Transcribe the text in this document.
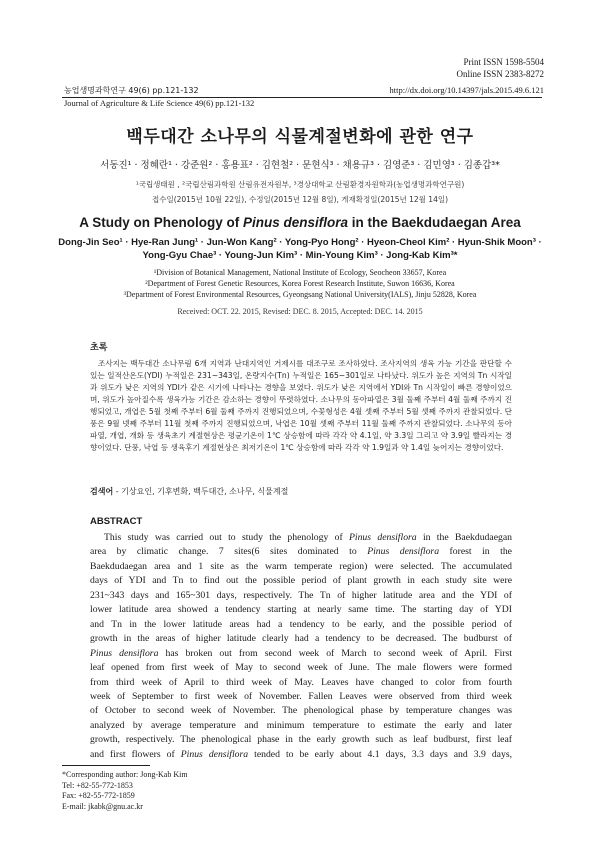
Print ISSN 1598-5504
Online ISSN 2383-8272
농업생명과학연구 49(6) pp.121-132	http://dx.doi.org/10.14397/jals.2015.49.6.121
Journal of Agriculture & Life Science 49(6) pp.121-132
백두대간 소나무의 식물계절변화에 관한 연구
서동진¹ · 정혜란¹ · 강준원² · 홍용표² · 김현철² · 문현식³ · 채용규³ · 김영준³ · 김민영³ · 김종갑³*
¹국립생태원 , ²국립산림과학원 산림유전자원부, ³경상대학교 산림환경자원학과(농업생명과학연구원)
접수일(2015년 10월 22일), 수정일(2015년 12월 8일), 게재확정일(2015년 12월 14일)
A Study on Phenology of Pinus densiflora in the Baekdudaegan Area
Dong-Jin Seo¹ · Hye-Ran Jung¹ · Jun-Won Kang² · Yong-Pyo Hong² · Hyeon-Cheol Kim² · Hyun-Shik Moon³ ·
Yong-Gyu Chae³ · Young-Jun Kim³ · Min-Young Kim³ · Jong-Kab Kim³*
¹Division of Botanical Management, National Institute of Ecology, Seocheon 33657, Korea
²Department of Forest Genetic Resources, Korea Forest Research Institute, Suwon 16636, Korea
³Department of Forest Environmental Resources, Gyeongsang National University(IALS), Jinju 52828, Korea
Received: OCT. 22. 2015, Revised: DEC. 8. 2015, Accepted: DEC. 14. 2015
초록
조사지는 백두대간 소나무림 6개 지역과 난대지역인 거제시를 대조구로 조사하였다. 조사지역의 생육 가능 기간을 판단할 수 있는 일적산온도(YDI) 누적일은 231~343일, 온량지수(Tn) 누적일은 165~301일로 나타났다. 위도가 높은 지역의 Tn 시작일과 위도가 낮은 지역의 YDI가 같은 시기에 나타나는 경향을 보였다. 위도가 낮은 지역에서 YDI와 Tn 시작일이 빠른 경향이었으며, 위도가 높아질수록 생육가능 기간은 감소하는 경향이 뚜렷하였다. 소나무의 동아파열은 3월 둘째 주부터 4월 둘째 주까지 진행되었고, 개엽은 5월 첫째 주부터 6월 둘째 주까지 진행되었으며, 수꽃형성은 4월 셋째 주부터 5월 셋째 주까지 관찰되었다. 단풍은 9월 넷째 주부터 11월 첫째 주까지 진행되었으며, 낙엽은 10월 셋째 주부터 11월 둘째 주까지 관찰되었다. 소나무의 동아파열, 개엽, 개화 등 생육초기 계절현상은 평균기온이 1℃ 상승함에 따라 각각 약 4.1일, 약 3.3일 그리고 약 3.9일 빨라지는 경향이었다. 단풍, 낙엽 등 생육후기 계절현상은 최저기온이 1℃ 상승함에 따라 각각 약 1.9일과 약 1.4일 늦어지는 경향이었다.
검색어 - 기상요인, 기후변화, 백두대간, 소나무, 식물계절
ABSTRACT
This study was carried out to study the phenology of Pinus densiflora in the Baekdudaegan
area by climatic change. 7 sites(6 sites dominated to Pinus densiflora forest in the
Baekdudaegan area and 1 site as the warm temperate region) were selected. The accumulated
days of YDI and Tn to find out the possible period of plant growth in each study site were
231~343 days and 165~301 days, respectively. The Tn of higher latitude area and the YDI of
lower latitude area showed a tendency starting at nearly same time. The starting day of YDI
and Tn in the lower latitude areas had a tendency to be early, and the possible period of
growth in the areas of higher latitude clearly had a tendency to be decreased. The budburst of
Pinus densiflora has broken out from second week of March to second week of April. First
leaf opened from first week of May to second week of June. The male flowers were formed
from third week of April to third week of May. Leaves have changed to color from fourth
week of September to first week of November. Fallen Leaves were observed from third week
of October to second week of November. The phenological phase by temperature changes was
analyzed by average temperature and minimum temperature to estimate the early and later
growth, respectively. The phenological phase in the early growth such as leaf budburst, first leaf
and first flowers of Pinus densiflora tended to be early about 4.1 days, 3.3 days and 3.9 days,
*Corresponding author: Jong-Kab Kim
Tel: +82-55-772-1853
Fax: +82-55-772-1859
E-mail: jkabk@gnu.ac.kr
